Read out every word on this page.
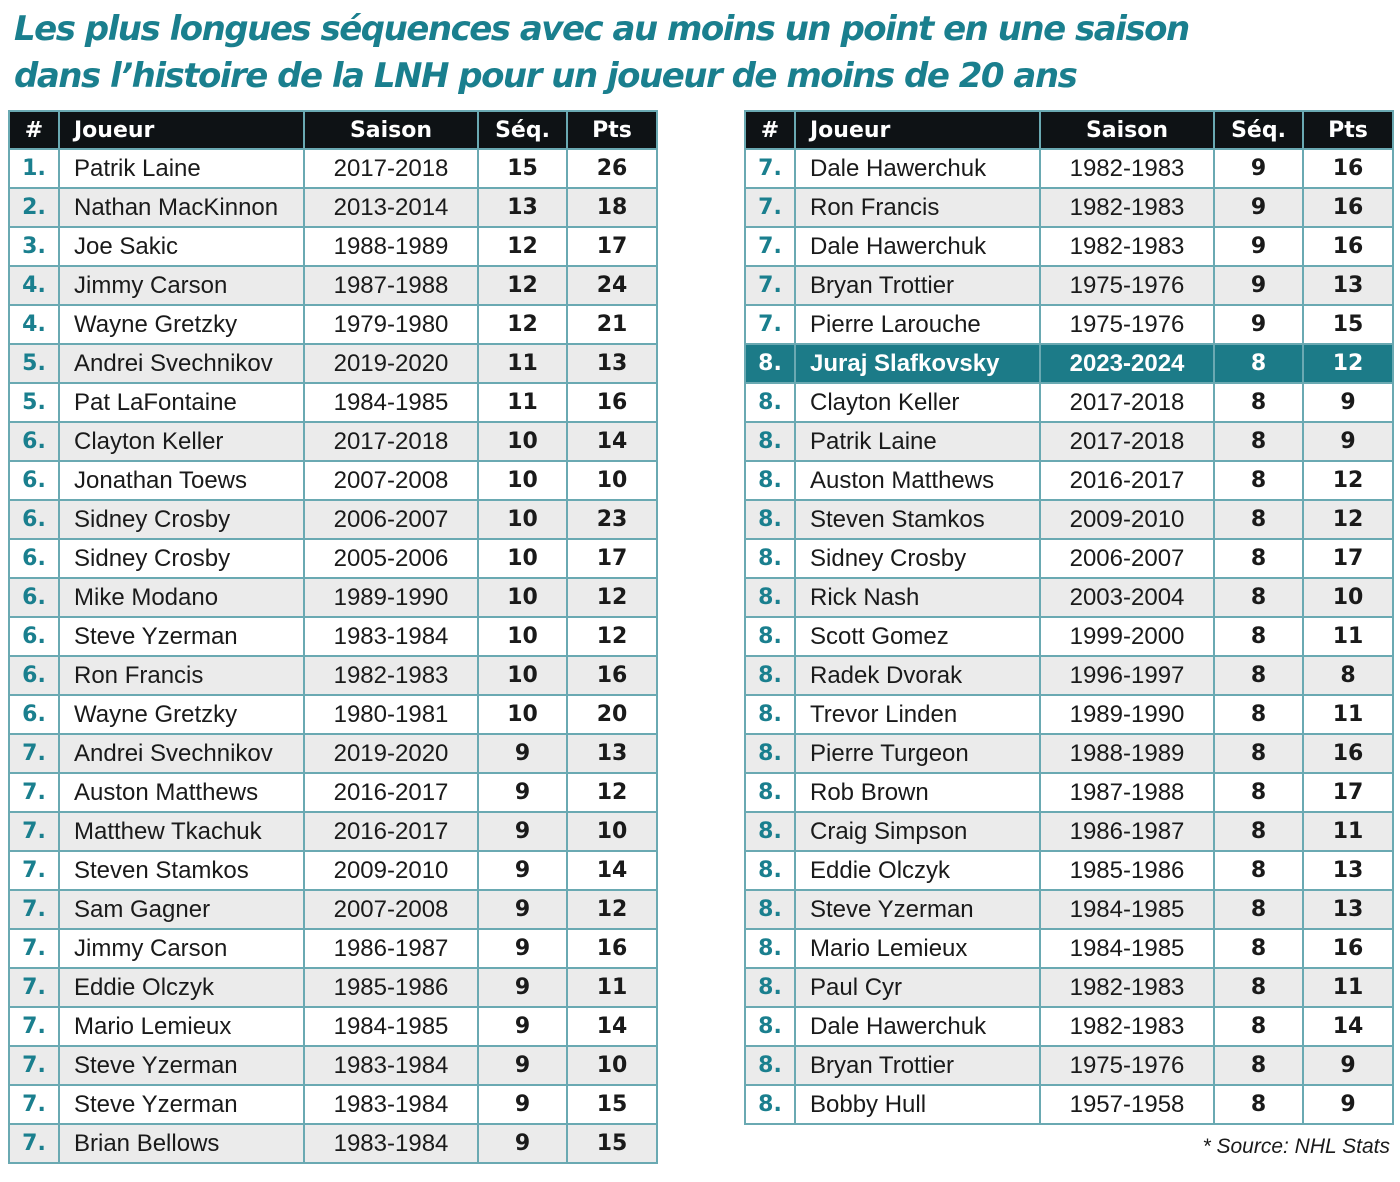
Les plus longues séquences avec au moins un point en une saison
dans l’histoire de la LNH pour un joueur de moins de 20 ans
#	Joueur	Saison	Séq.	Pts
1.	Patrik Laine	2017-2018	15	26
2.	Nathan MacKinnon	2013-2014	13	18
3.	Joe Sakic	1988-1989	12	17
4.	Jimmy Carson	1987-1988	12	24
4.	Wayne Gretzky	1979-1980	12	21
5.	Andrei Svechnikov	2019-2020	11	13
5.	Pat LaFontaine	1984-1985	11	16
6.	Clayton Keller	2017-2018	10	14
6.	Jonathan Toews	2007-2008	10	10
6.	Sidney Crosby	2006-2007	10	23
6.	Sidney Crosby	2005-2006	10	17
6.	Mike Modano	1989-1990	10	12
6.	Steve Yzerman	1983-1984	10	12
6.	Ron Francis	1982-1983	10	16
6.	Wayne Gretzky	1980-1981	10	20
7.	Andrei Svechnikov	2019-2020	9	13
7.	Auston Matthews	2016-2017	9	12
7.	Matthew Tkachuk	2016-2017	9	10
7.	Steven Stamkos	2009-2010	9	14
7.	Sam Gagner	2007-2008	9	12
7.	Jimmy Carson	1986-1987	9	16
7.	Eddie Olczyk	1985-1986	9	11
7.	Mario Lemieux	1984-1985	9	14
7.	Steve Yzerman	1983-1984	9	10
7.	Steve Yzerman	1983-1984	9	15
7.	Brian Bellows	1983-1984	9	15
#	Joueur	Saison	Séq.	Pts
7.	Dale Hawerchuk	1982-1983	9	16
7.	Ron Francis	1982-1983	9	16
7.	Dale Hawerchuk	1982-1983	9	16
7.	Bryan Trottier	1975-1976	9	13
7.	Pierre Larouche	1975-1976	9	15
8.	Juraj Slafkovsky	2023-2024	8	12
8.	Clayton Keller	2017-2018	8	9
8.	Patrik Laine	2017-2018	8	9
8.	Auston Matthews	2016-2017	8	12
8.	Steven Stamkos	2009-2010	8	12
8.	Sidney Crosby	2006-2007	8	17
8.	Rick Nash	2003-2004	8	10
8.	Scott Gomez	1999-2000	8	11
8.	Radek Dvorak	1996-1997	8	8
8.	Trevor Linden	1989-1990	8	11
8.	Pierre Turgeon	1988-1989	8	16
8.	Rob Brown	1987-1988	8	17
8.	Craig Simpson	1986-1987	8	11
8.	Eddie Olczyk	1985-1986	8	13
8.	Steve Yzerman	1984-1985	8	13
8.	Mario Lemieux	1984-1985	8	16
8.	Paul Cyr	1982-1983	8	11
8.	Dale Hawerchuk	1982-1983	8	14
8.	Bryan Trottier	1975-1976	8	9
8.	Bobby Hull	1957-1958	8	9
* Source: NHL Stats
